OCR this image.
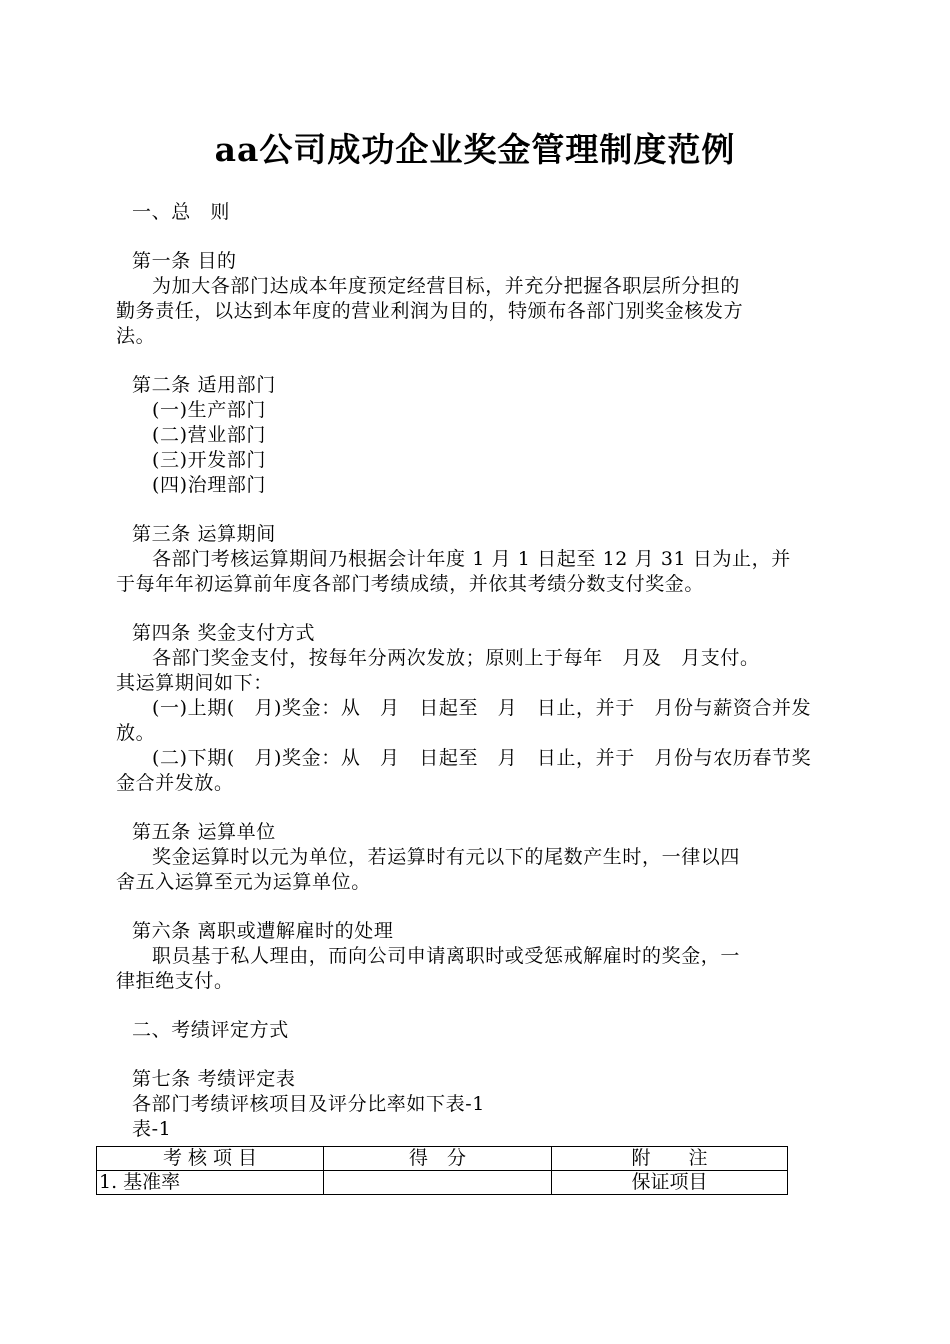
aa公司成功企业奖金管理制度范例
一、总　则
第一条 目的
为加大各部门达成本年度预定经营目标，并充分把握各职层所分担的
勤务责任，以达到本年度的营业利润为目的，特颁布各部门别奖金核发方
法。
第二条 适用部门
(一)生产部门
(二)营业部门
(三)开发部门
(四)治理部门
第三条 运算期间
各部门考核运算期间乃根据会计年度 1 月 1 日起至 12 月 31 日为止，并
于每年年初运算前年度各部门考绩成绩，并依其考绩分数支付奖金。
第四条 奖金支付方式
各部门奖金支付，按每年分两次发放；原则上于每年　月及　月支付。
其运算期间如下：
(一)上期(　月)奖金：从　月　日起至　月　日止，并于　月份与薪资合并发
放。
(二)下期(　月)奖金：从　月　日起至　月　日止，并于　月份与农历春节奖
金合并发放。
第五条 运算单位
奖金运算时以元为单位，若运算时有元以下的尾数产生时，一律以四
舍五入运算至元为运算单位。
第六条 离职或遭解雇时的处理
职员基于私人理由，而向公司申请离职时或受惩戒解雇时的奖金，一
律拒绝支付。
二、考绩评定方式
第七条 考绩评定表
各部门考绩评核项目及评分比率如下表-1
表-1
考 核 项 目	得　分	附　　注
1. 基准率		保证项目
